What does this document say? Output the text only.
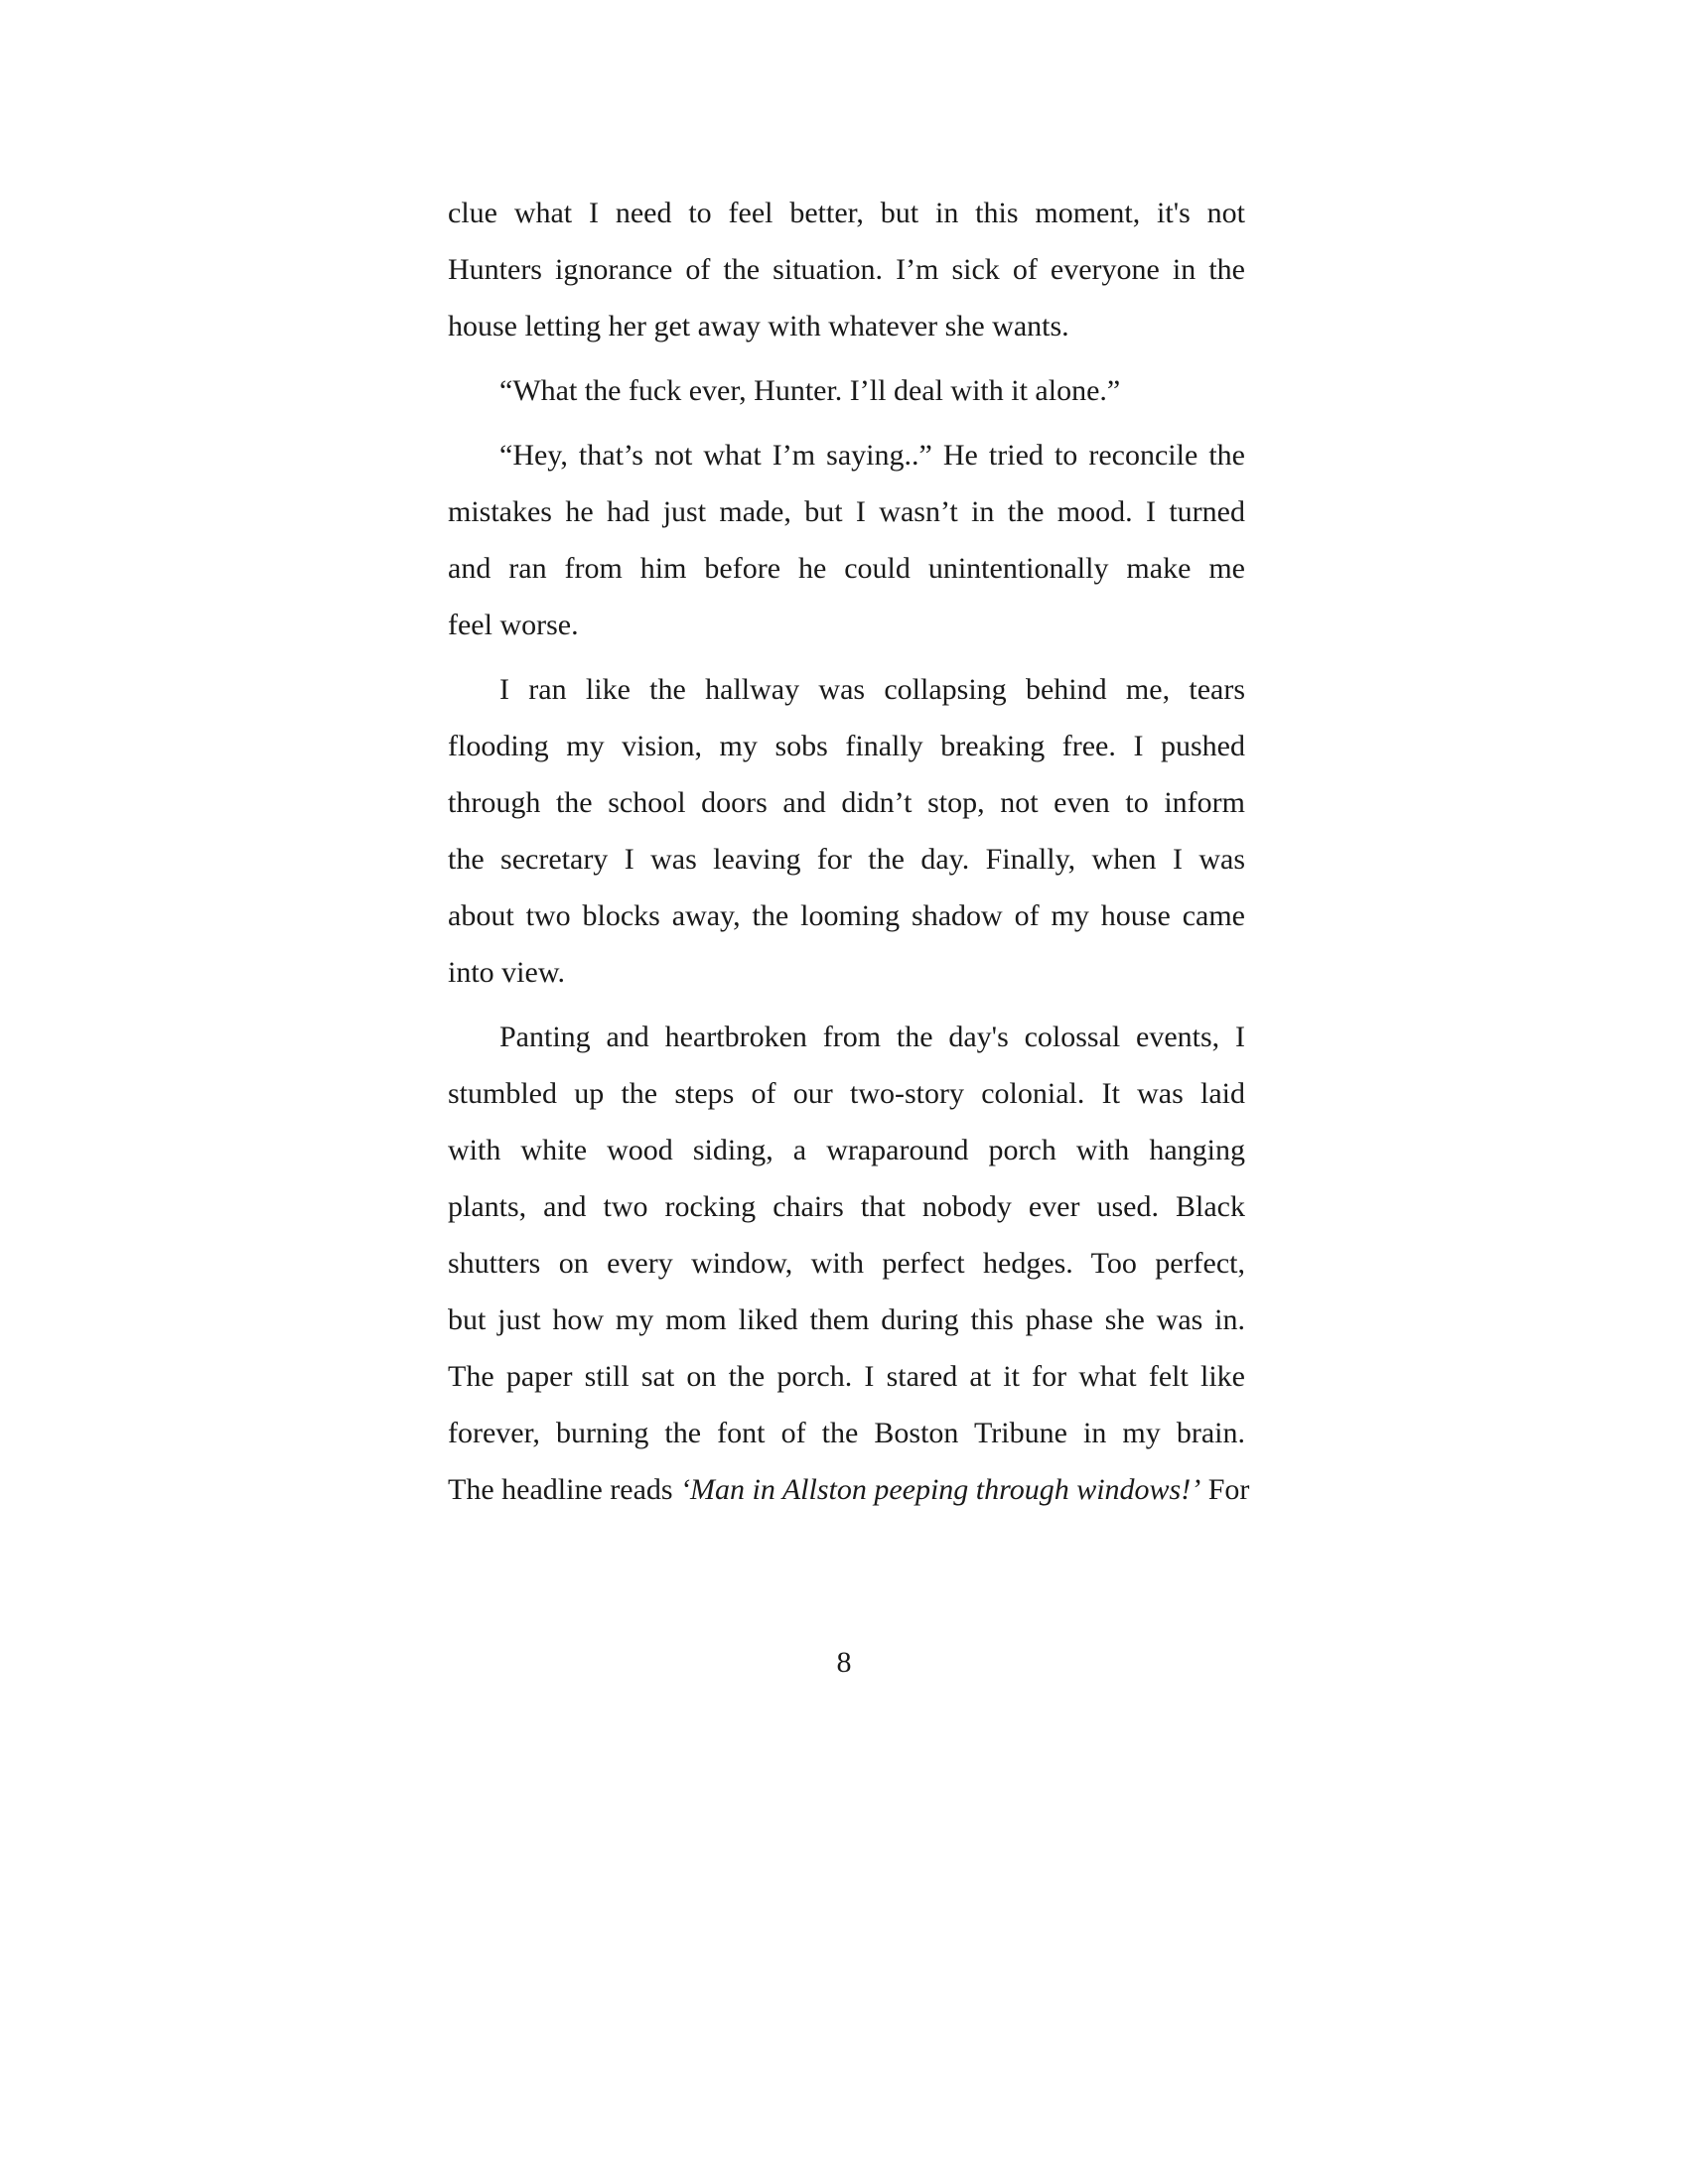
clue what I need to feel better, but in this moment, it's not
Hunters ignorance of the situation. I’m sick of everyone in the
house letting her get away with whatever she wants.

“What the fuck ever, Hunter. I’ll deal with it alone.”

“Hey, that’s not what I’m saying..” He tried to reconcile the
mistakes he had just made, but I wasn’t in the mood. I turned
and ran from him before he could unintentionally make me
feel worse.

I ran like the hallway was collapsing behind me, tears
flooding my vision, my sobs finally breaking free. I pushed
through the school doors and didn’t stop, not even to inform
the secretary I was leaving for the day. Finally, when I was
about two blocks away, the looming shadow of my house came
into view.

Panting and heartbroken from the day's colossal events, I
stumbled up the steps of our two-story colonial. It was laid
with white wood siding, a wraparound porch with hanging
plants, and two rocking chairs that nobody ever used. Black
shutters on every window, with perfect hedges. Too perfect,
but just how my mom liked them during this phase she was in.
The paper still sat on the porch. I stared at it for what felt like
forever, burning the font of the Boston Tribune in my brain.
The headline reads ‘Man in Allston peeping through windows!’ For

8
